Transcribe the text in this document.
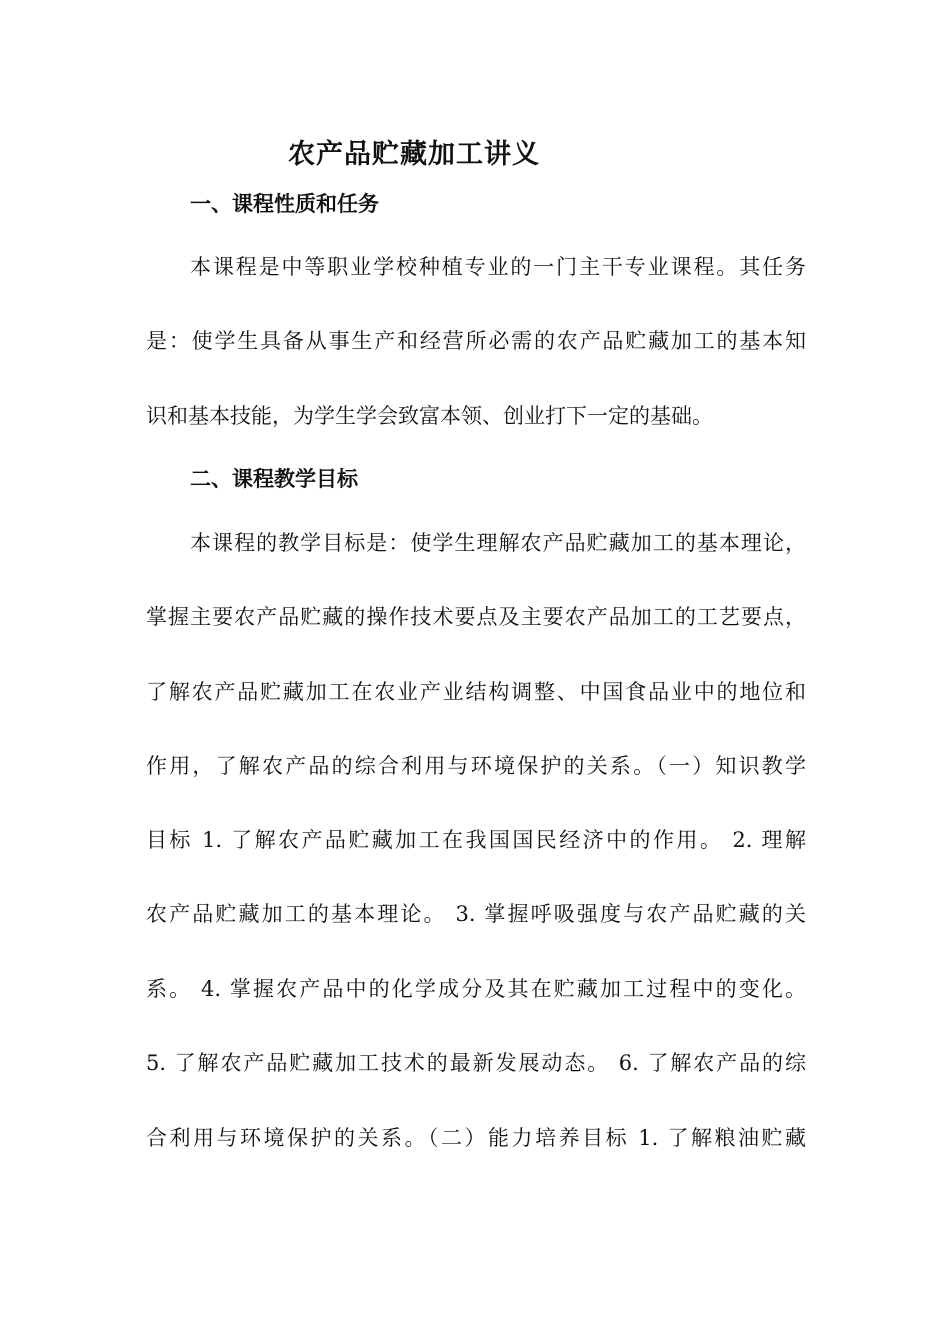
农产品贮藏加工讲义
一、课程性质和任务

本课程是中等职业学校种植专业的一门主干专业课程。其任务

是：使学生具备从事生产和经营所必需的农产品贮藏加工的基本知

识和基本技能，为学生学会致富本领、创业打下一定的基础。

二、课程教学目标

本课程的教学目标是：使学生理解农产品贮藏加工的基本理论，

掌握主要农产品贮藏的操作技术要点及主要农产品加工的工艺要点，

了解农产品贮藏加工在农业产业结构调整、中国食品业中的地位和

作用，了解农产品的综合利用与环境保护的关系。（一）知识教学

目标 1. 了解农产品贮藏加工在我国国民经济中的作用。 2. 理解

农产品贮藏加工的基本理论。 3. 掌握呼吸强度与农产品贮藏的关

系。 4. 掌握农产品中的化学成分及其在贮藏加工过程中的变化。

5. 了解农产品贮藏加工技术的最新发展动态。 6. 了解农产品的综

合利用与环境保护的关系。（二）能力培养目标 1. 了解粮油贮藏
